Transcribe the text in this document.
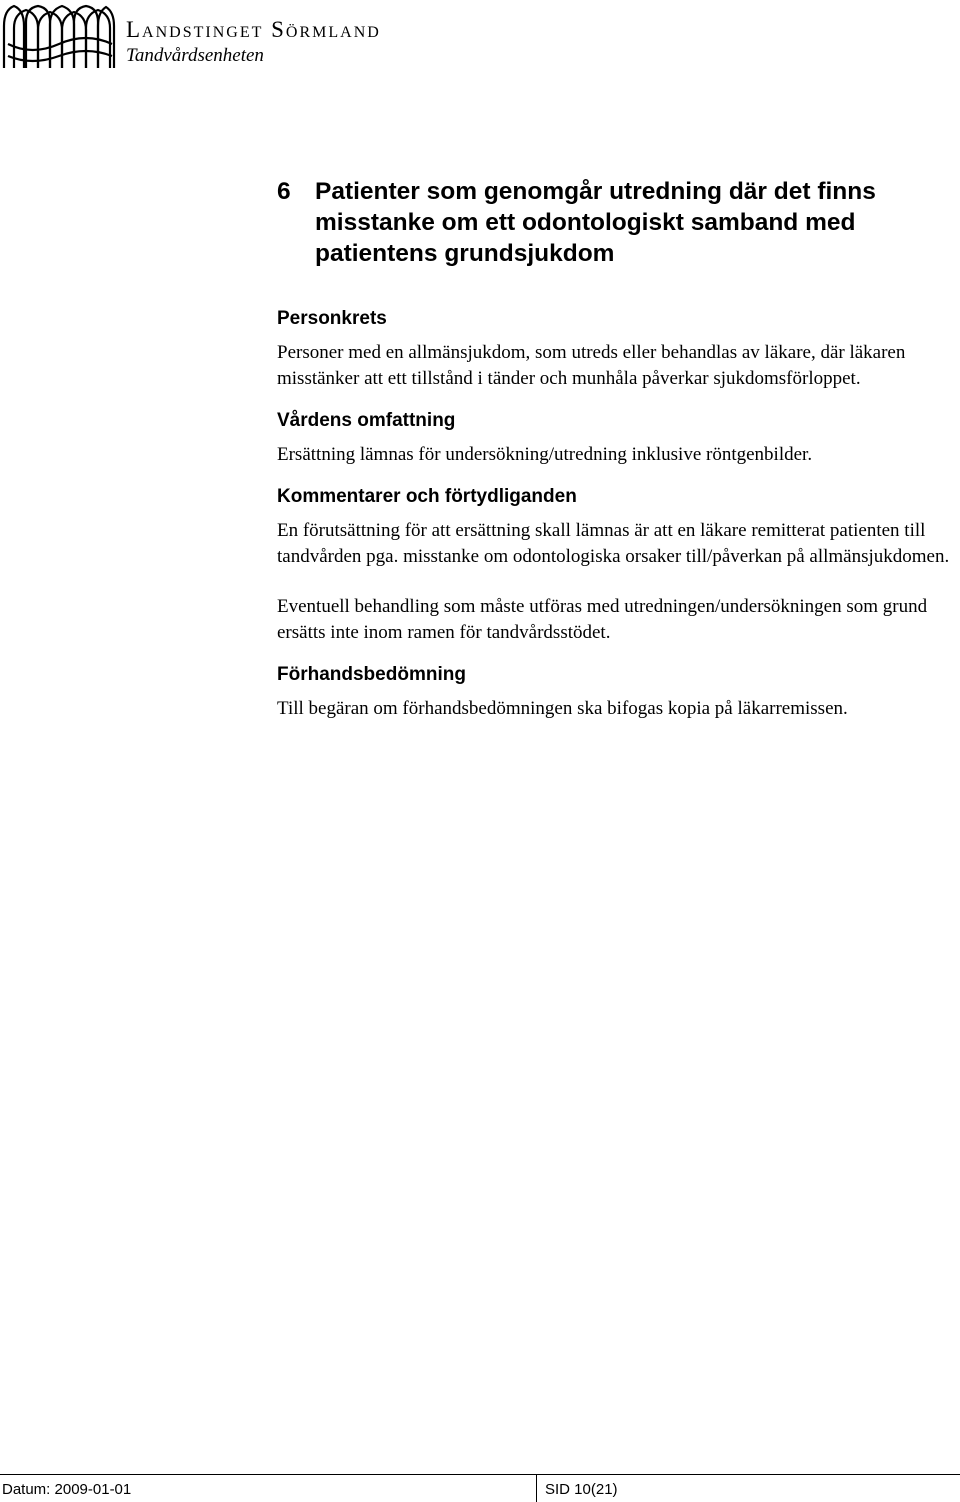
Landstinget Sörmland
Tandvårdsenheten
6 Patienter som genomgår utredning där det finns misstanke om ett odontologiskt samband med patientens grundsjukdom
Personkrets

Personer med en allmänsjukdom, som utreds eller behandlas av läkare, där läkaren misstänker att ett tillstånd i tänder och munhåla påverkar sjukdomsförloppet.

Vårdens omfattning

Ersättning lämnas för undersökning/utredning inklusive röntgenbilder.

Kommentarer och förtydliganden

En förutsättning för att ersättning skall lämnas är att en läkare remitterat patienten till tandvården pga. misstanke om odontologiska orsaker till/påverkan på allmänsjukdomen.

Eventuell behandling som måste utföras med utredningen/undersökningen som grund ersätts inte inom ramen för tandvårdsstödet.

Förhandsbedömning

Till begäran om förhandsbedömningen ska bifogas kopia på läkarremissen.

Datum: 2009-01-01	SID 10(21)
